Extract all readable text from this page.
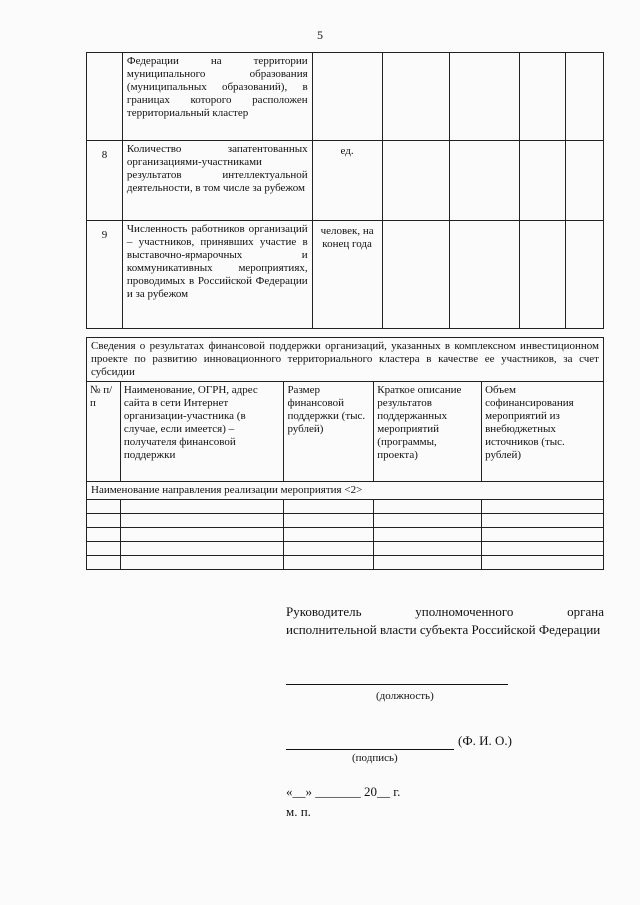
5
	Федерации на территории муниципального образования (муниципальных образований), в границах которого расположен территориальный кластер					
8	Количество запатентованных организациями-участниками результатов интеллектуальной деятельности, в том числе за рубежом	ед.				
9	Численность работников организаций – участников, принявших участие в выставочно-ярмарочных и коммуникативных мероприятиях, проводимых в Российской Федерации и за рубежом	человек, на конец года				
Сведения о результатах финансовой поддержки организаций, указанных в комплексном инвестиционном проекте по развитию инновационного территориального кластера в качестве ее участников, за счет субсидии				
№ п/п	Наименование, ОГРН, адрес сайта в сети Интернет организации-участника (в случае, если имеется) – получателя финансовой поддержки	Размер финансовой поддержки (тыс. рублей)	Краткое описание результатов поддержанных мероприятий (программы, проекта)	Объем софинансирования мероприятий из внебюджетных источников (тыс. рублей)
Наименование направления реализации мероприятия <2>				

Руководитель	уполномоченного	органа
исполнительной власти субъекта Российской Федерации
(должность)
(Ф. И. О.)
(подпись)
«__» _______ 20__ г.
м. п.
